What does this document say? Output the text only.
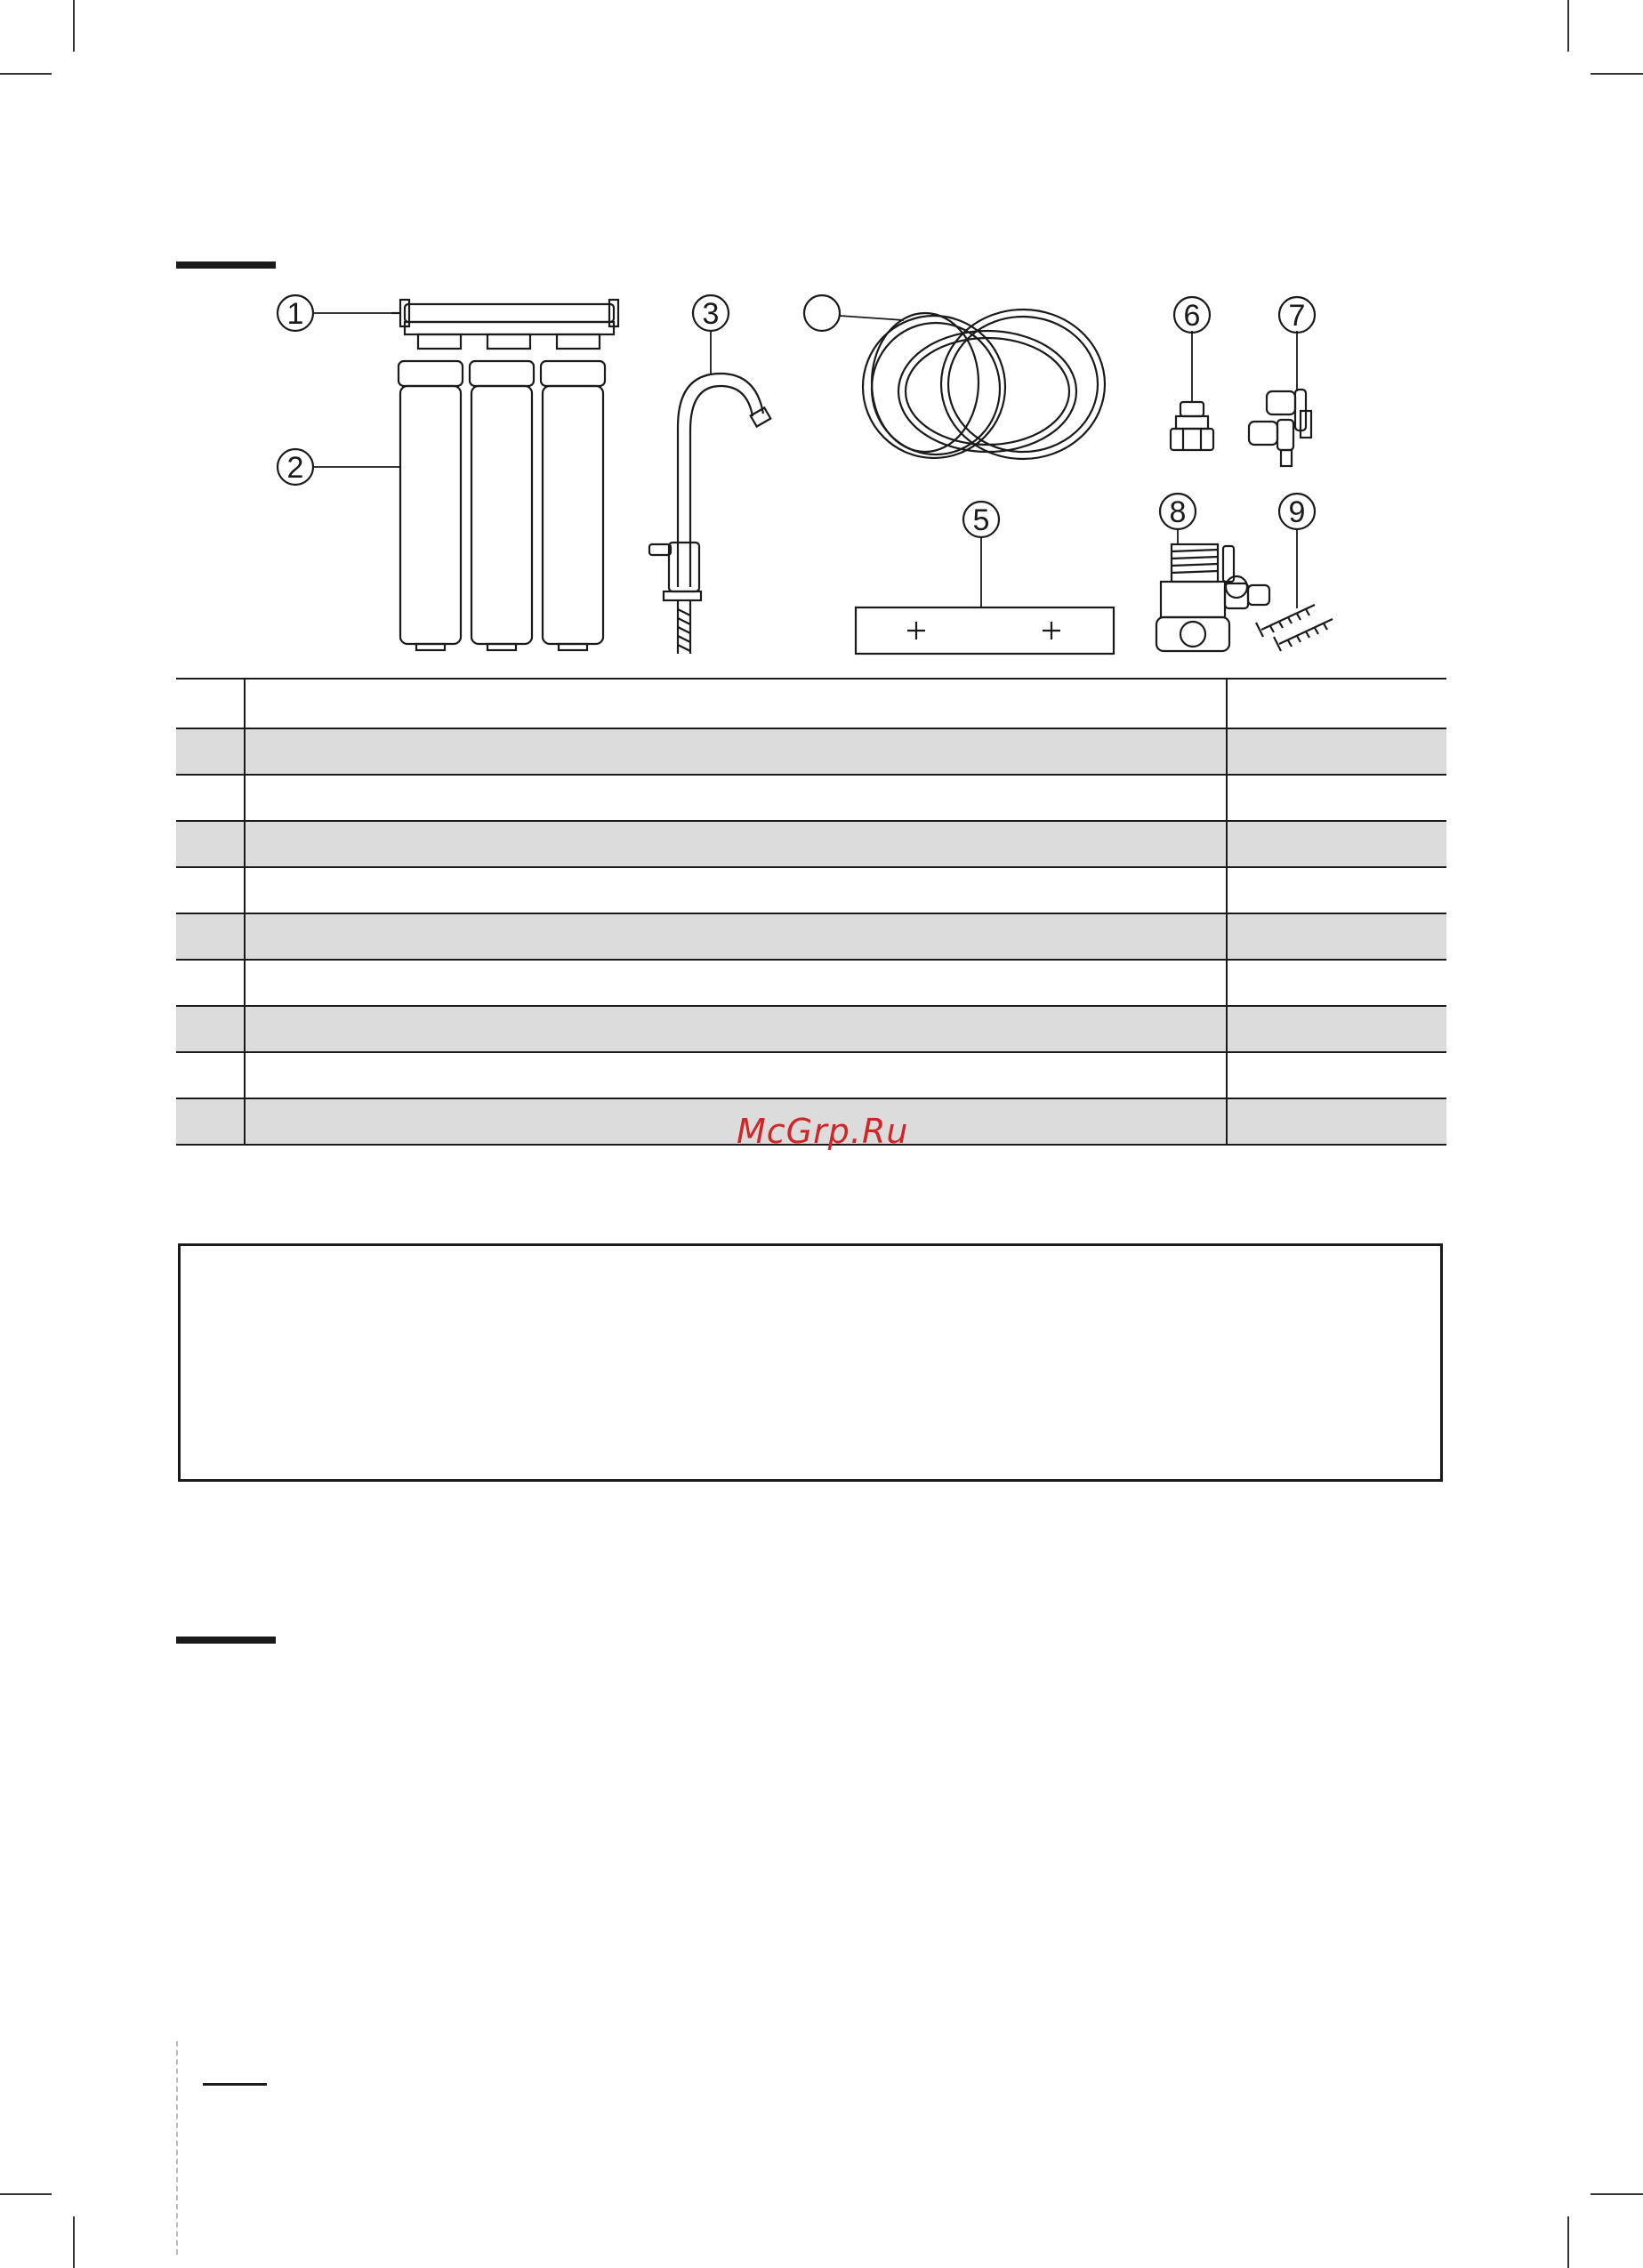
1
2
3
5
6	7
8	9

McGrp.Ru
